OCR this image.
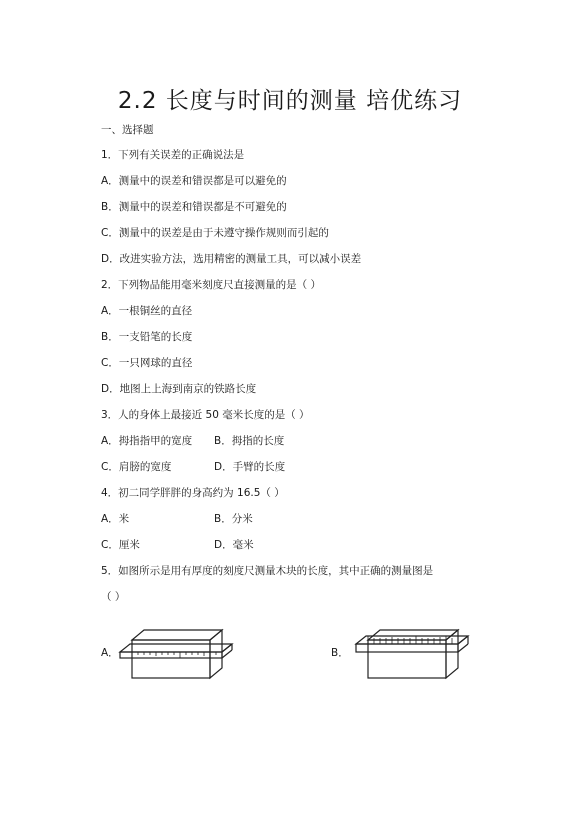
2.2 长度与时间的测量 培优练习
一、选择题
1．下列有关误差的正确说法是
A．测量中的误差和错误都是可以避免的
B．测量中的误差和错误都是不可避免的
C．测量中的误差是由于未遵守操作规则而引起的
D．改进实验方法，选用精密的测量工具，可以减小误差
2．下列物品能用毫米刻度尺直接测量的是（ ）
A．一根铜丝的直径
B．一支铅笔的长度
C．一只网球的直径
D．地图上上海到南京的铁路长度
3．人的身体上最接近 50 毫米长度的是（ ）
A．拇指指甲的宽度 B．拇指的长度
C．肩膀的宽度	D．手臂的长度
4．初二同学胖胖的身高约为 16.5（ ）
A．米	B．分米
C．厘米	D．毫米
5．如图所示是用有厚度的刻度尺测量木块的长度，其中正确的测量图是
（ ）
A．	B．
